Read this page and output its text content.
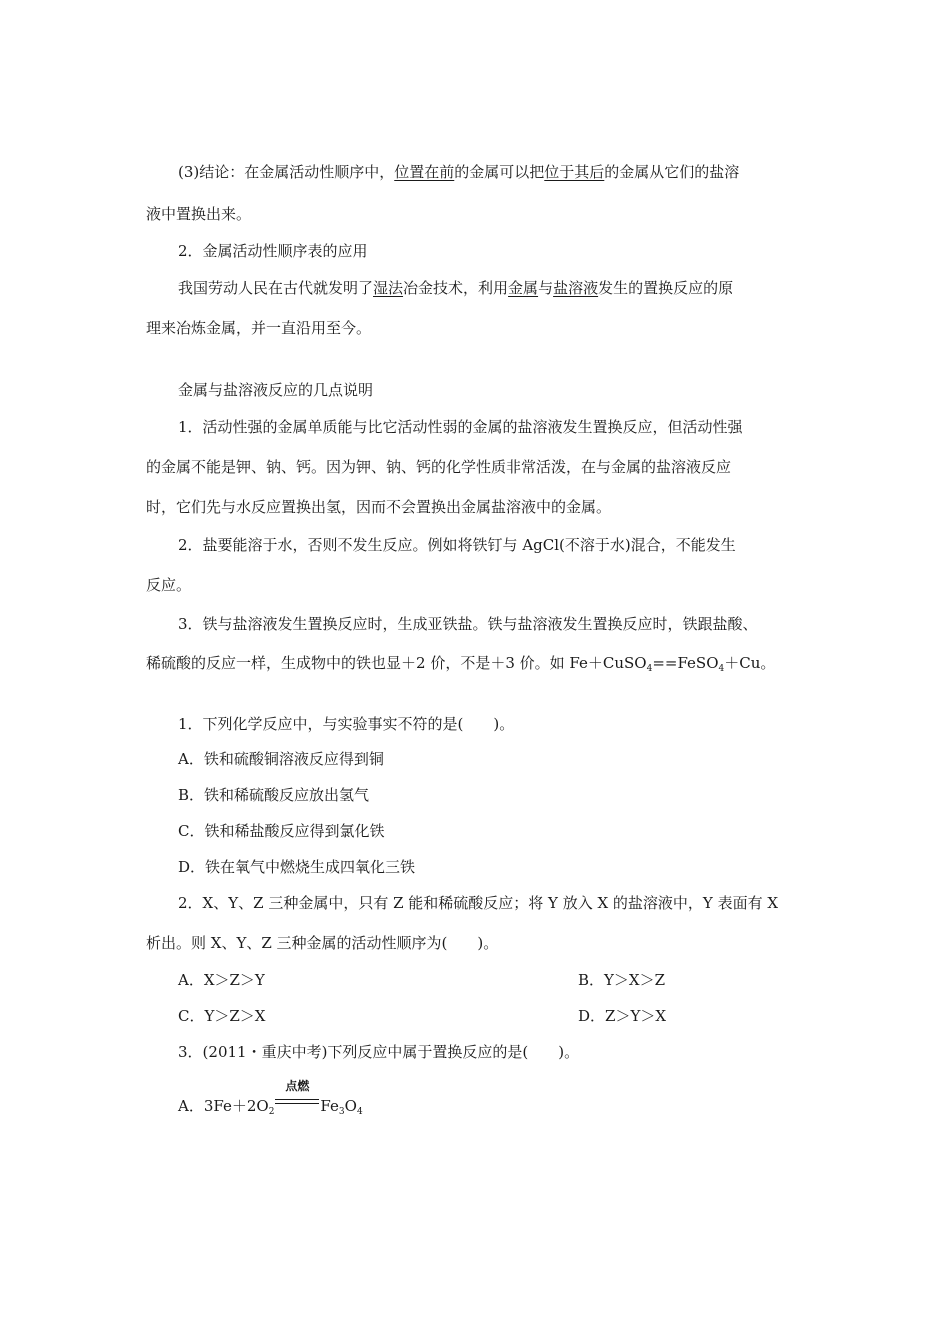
(3)结论：在金属活动性顺序中，位置在前的金属可以把位于其后的金属从它们的盐溶
液中置换出来。
2．金属活动性顺序表的应用
我国劳动人民在古代就发明了湿法冶金技术，利用金属与盐溶液发生的置换反应的原
理来冶炼金属，并一直沿用至今。
金属与盐溶液反应的几点说明
1．活动性强的金属单质能与比它活动性弱的金属的盐溶液发生置换反应，但活动性强
的金属不能是钾、钠、钙。因为钾、钠、钙的化学性质非常活泼，在与金属的盐溶液反应
时，它们先与水反应置换出氢，因而不会置换出金属盐溶液中的金属。
2．盐要能溶于水，否则不发生反应。例如将铁钉与 AgCl(不溶于水)混合，不能发生
反应。
3．铁与盐溶液发生置换反应时，生成亚铁盐。铁与盐溶液发生置换反应时，铁跟盐酸、
稀硫酸的反应一样，生成物中的铁也显＋2 价，不是＋3 价。如 Fe＋CuSO$_4$==FeSO$_4$＋Cu。
1．下列化学反应中，与实验事实不符的是(　　)。
A．铁和硫酸铜溶液反应得到铜
B．铁和稀硫酸反应放出氢气
C．铁和稀盐酸反应得到氯化铁
D．铁在氧气中燃烧生成四氧化三铁
2．X、Y、Z 三种金属中，只有 Z 能和稀硫酸反应；将 Y 放入 X 的盐溶液中，Y 表面有 X
析出。则 X、Y、Z 三种金属的活动性顺序为(　　)。
A．X＞Z＞Y	B．Y＞X＞Z
C．Y＞Z＞X	D．Z＞Y＞X
3．(2011・重庆中考)下列反应中属于置换反应的是(　　)。
A．$3Fe+2O_2$
点燃
$Fe_3O_4$
